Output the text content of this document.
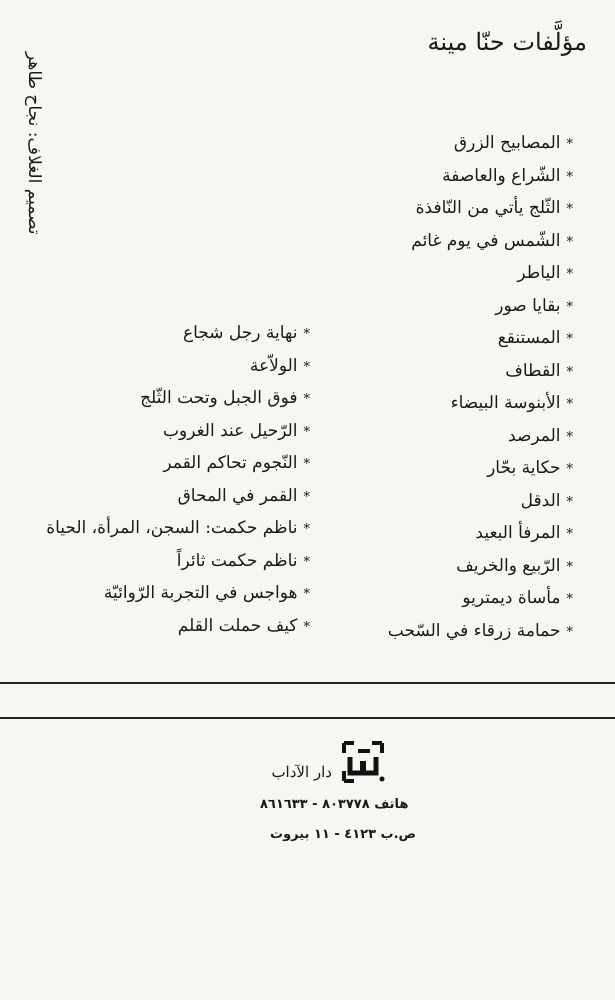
مؤلَّفات حنّا مينة
تصميم الغلاف: نجاح طاهر	*المصابيح الزرق
*الشّراع والعاصفة
*الثّلج يأتي من النّافذة
*الشّمس في يوم غائم
*الياطر
*بقايا صور
*المستنقع
*القطاف
*الأبنوسة البيضاء
*المرصد
*حكاية بحّار
*الدقل
*المرفأ البعيد
*الرّبيع والخريف
*مأساة ديمتريو
*حمامة زرقاء في السّحب
*نهاية رجل شجاع
*الولاّعة
*فوق الجبل وتحت الثّلج
*الرّحيل عند الغروب
*النّجوم تحاكم القمر
*القمر في المحاق
*ناظم حكمت: السجن، المرأة، الحياة
*ناظم حكمت ثائراً
*هواجس في التجربة الرّوائيّة
*كيف حملت القلم
دار الآداب
هاتف ٨٠٣٧٧٨ - ٨٦١٦٣٣
ص.ب ٤١٢٣ - ١١ بيروت
